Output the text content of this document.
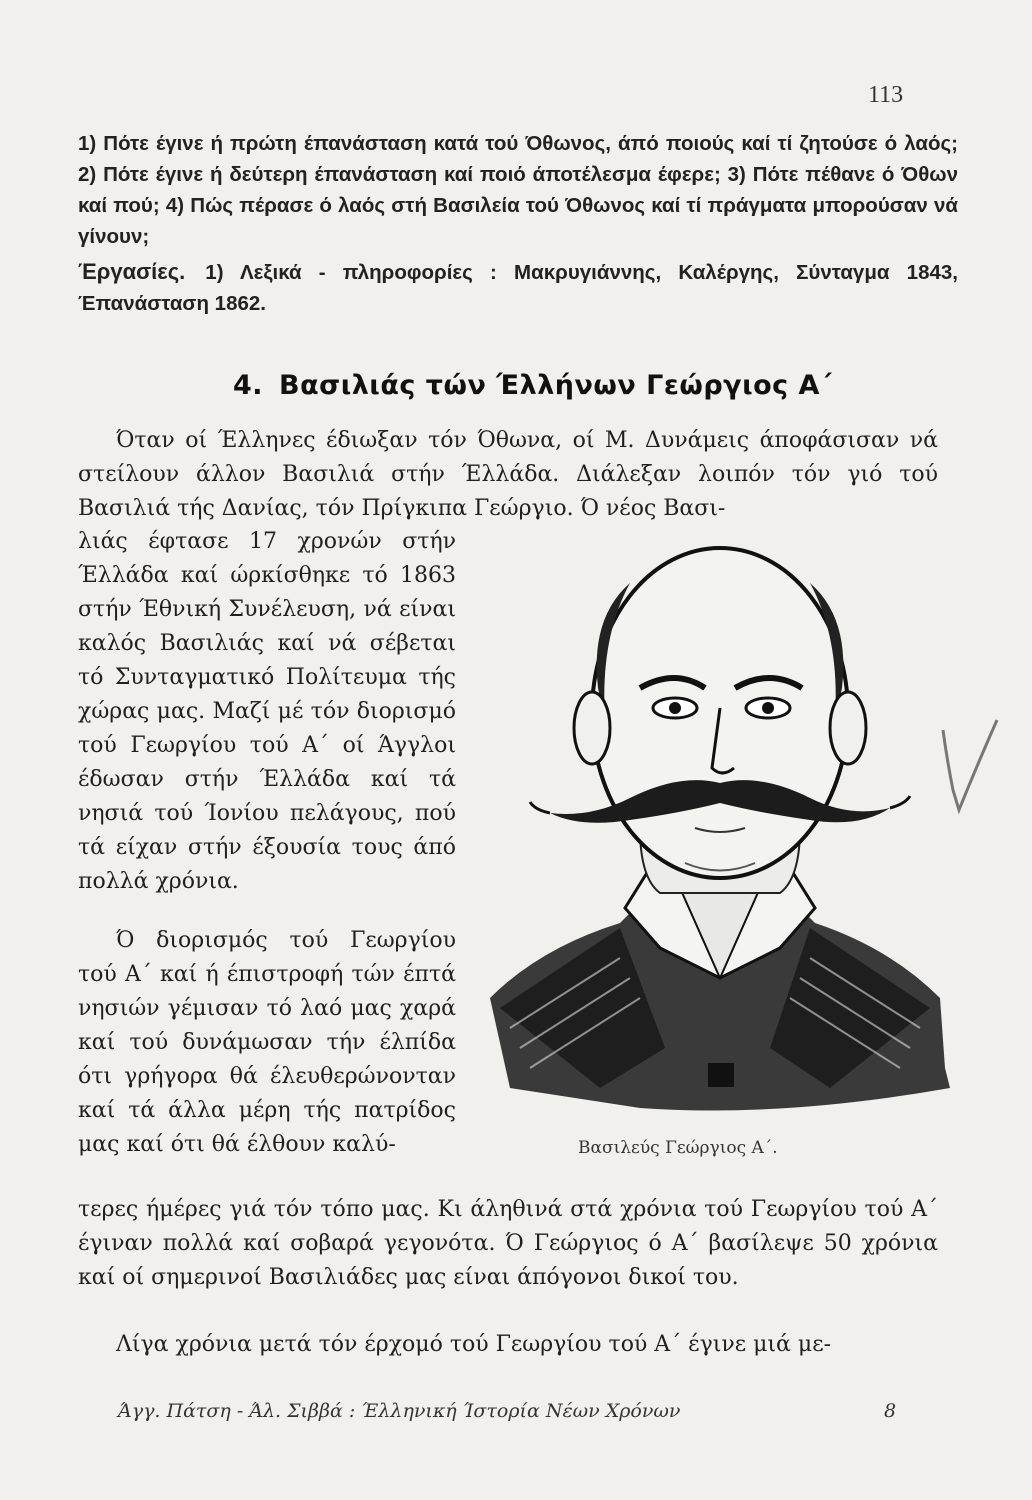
113
1) Πότε έγινε ή πρώτη έπανάσταση κατά τού Όθωνος, άπό ποιούς καί τί ζητούσε ό λαός; 2) Πότε έγινε ή δεύτερη έπανάσταση καί ποιό άποτέλεσμα έφερε; 3) Πότε πέθανε ό Όθων καί πού; 4) Πώς πέρασε ό λαός στή Βασιλεία τού Όθωνος καί τί πράγματα μπορούσαν νά γίνουν;
Έργασίες. 1) Λεξικά - πληροφορίες : Μακρυγιάννης, Καλέργης, Σύνταγμα 1843, Έπανάσταση 1862.
4. Βασιλιάς τών Έλλήνων Γεώργιος Α΄
Όταν οί Έλληνες έδιωξαν τόν Όθωνα, οί Μ. Δυνάμεις άποφάσισαν νά στείλουν άλλον Βασιλιά στήν Έλλάδα. Διάλεξαν λοιπόν τόν γιό τού Βασιλιά τής Δανίας, τόν Πρίγκιπα Γεώργιο. Ό νέος Βασι-
λιάς έφτασε 17 χρονών στήν Έλλάδα καί ώρκίσθηκε τό 1863 στήν Έθνική Συνέλευση, νά είναι καλός Βασιλιάς καί νά σέβεται τό Συνταγματικό Πολίτευμα τής χώρας μας. Μαζί μέ τόν διορισμό τού Γεωργίου τού Α΄ οί Άγγλοι έδωσαν στήν Έλλάδα καί τά νησιά τού Ίονίου πελάγους, πού τά είχαν στήν έξουσία τους άπό πολλά χρόνια.
Ό διορισμός τού Γεωργίου τού Α΄ καί ή έπιστροφή τών έπτά νησιών γέμισαν τό λαό μας χαρά καί τού δυνάμωσαν τήν έλπίδα ότι γρήγορα θά έλευθερώνονταν καί τά άλλα μέρη τής πατρίδος μας καί ότι θά έλθουν καλύ-	Βασιλεύς Γεώργιος Α΄.
τερες ήμέρες γιά τόν τόπο μας. Κι άληθινά στά χρόνια τού Γεωργίου τού Α΄ έγιναν πολλά καί σοβαρά γεγονότα. Ό Γεώργιος ό Α΄ βασίλεψε 50 χρόνια καί οί σημερινοί Βασιλιάδες μας είναι άπόγονοι δικοί του.
Λίγα χρόνια μετά τόν έρχομό τού Γεωργίου τού Α΄ έγινε μιά με-
Άγγ. Πάτση - Άλ. Σιββά : Έλληνική Ίστορία Νέων Χρόνων	8
